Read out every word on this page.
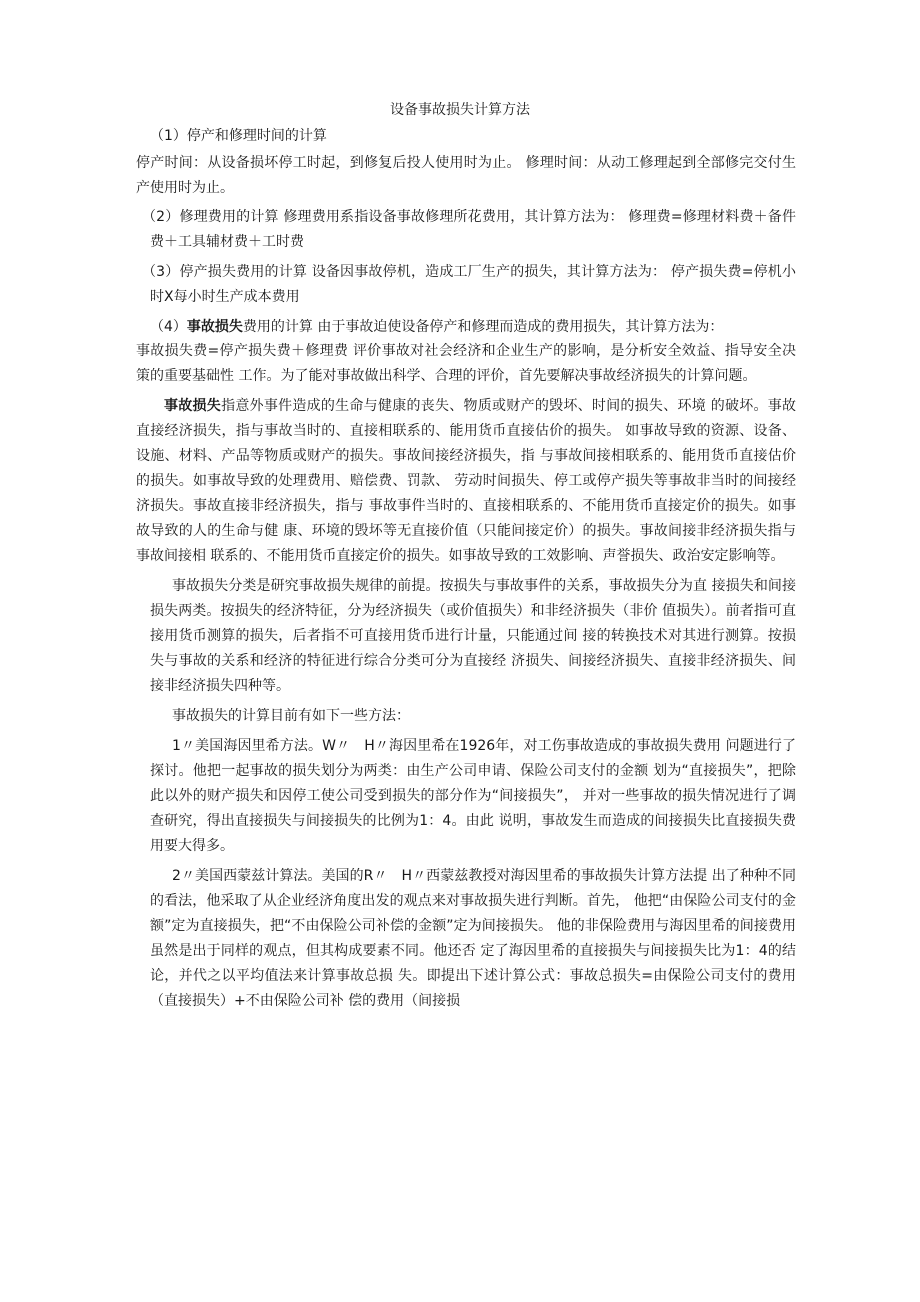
设备事故损失计算方法

（1）停产和修理时间的计算

停产时间：从设备损坏停工时起，到修复后投人使用时为止。 修理时间：从动工修理起到全部修完交付生产使用时为止。

（2）修理费用的计算 修理费用系指设备事故修理所花费用，其计算方法为： 修理费=修理材料费＋备件费＋工具辅材费＋工时费

（3）停产损失费用的计算 设备因事故停机，造成工厂生产的损失，其计算方法为： 停产损失费=停机小时X每小时生产成本费用

（4）事故损失费用的计算 由于事故迫使设备停产和修理而造成的费用损失，其计算方法为：

事故损失费=停产损失费＋修理费 评价事故对社会经济和企业生产的影响，是分析安全效益、指导安全决策的重要基础性 工作。为了能对事故做出科学、合理的评价，首先要解决事故经济损失的计算问题。

事故损失指意外事件造成的生命与健康的丧失、物质或财产的毁坏、时间的损失、环境 的破坏。事故直接经济损失，指与事故当时的、直接相联系的、能用货币直接估价的损失。 如事故导致的资源、设备、设施、材料、产品等物质或财产的损失。事故间接经济损失，指 与事故间接相联系的、能用货币直接估价的损失。如事故导致的处理费用、赔偿费、罚款、 劳动时间损失、停工或停产损失等事故非当时的间接经济损失。事故直接非经济损失，指与 事故事件当时的、直接相联系的、不能用货币直接定价的损失。如事故导致的人的生命与健 康、环境的毁坏等无直接价值（只能间接定价）的损失。事故间接非经济损失指与事故间接相 联系的、不能用货币直接定价的损失。如事故导致的工效影响、声誉损失、政治安定影响等。

事故损失分类是研究事故损失规律的前提。按损失与事故事件的关系，事故损失分为直 接损失和间接损失两类。按损失的经济特征，分为经济损失（或价值损失）和非经济损失（非价 值损失）。前者指可直接用货币测算的损失，后者指不可直接用货币进行计量，只能通过间 接的转换技术对其进行测算。按损失与事故的关系和经济的特征进行综合分类可分为直接经 济损失、间接经济损失、直接非经济损失、间接非经济损失四种等。

事故损失的计算目前有如下一些方法：

1〃美国海因里希方法。W〃　H〃海因里希在1926年，对工伤事故造成的事故损失费用 问题进行了探讨。他把一起事故的损失划分为两类：由生产公司申请、保险公司支付的金额 划为“直接损失”，把除此以外的财产损失和因停工使公司受到损失的部分作为“间接损失”， 并对一些事故的损失情况进行了调查研究，得出直接损失与间接损失的比例为1：4。由此 说明，事故发生而造成的间接损失比直接损失费用要大得多。

2〃美国西蒙兹计算法。美国的R〃　H〃西蒙兹教授对海因里希的事故损失计算方法提 出了种种不同的看法，他采取了从企业经济角度出发的观点来对事故损失进行判断。首先， 他把“由保险公司支付的金额”定为直接损失，把“不由保险公司补偿的金额”定为间接损失。 他的非保险费用与海因里希的间接费用虽然是出于同样的观点，但其构成要素不同。他还否 定了海因里希的直接损失与间接损失比为1：4的结论，并代之以平均值法来计算事故总损 失。即提出下述计算公式：事故总损失=由保险公司支付的费用（直接损失）+不由保险公司补 偿的费用（间接损
